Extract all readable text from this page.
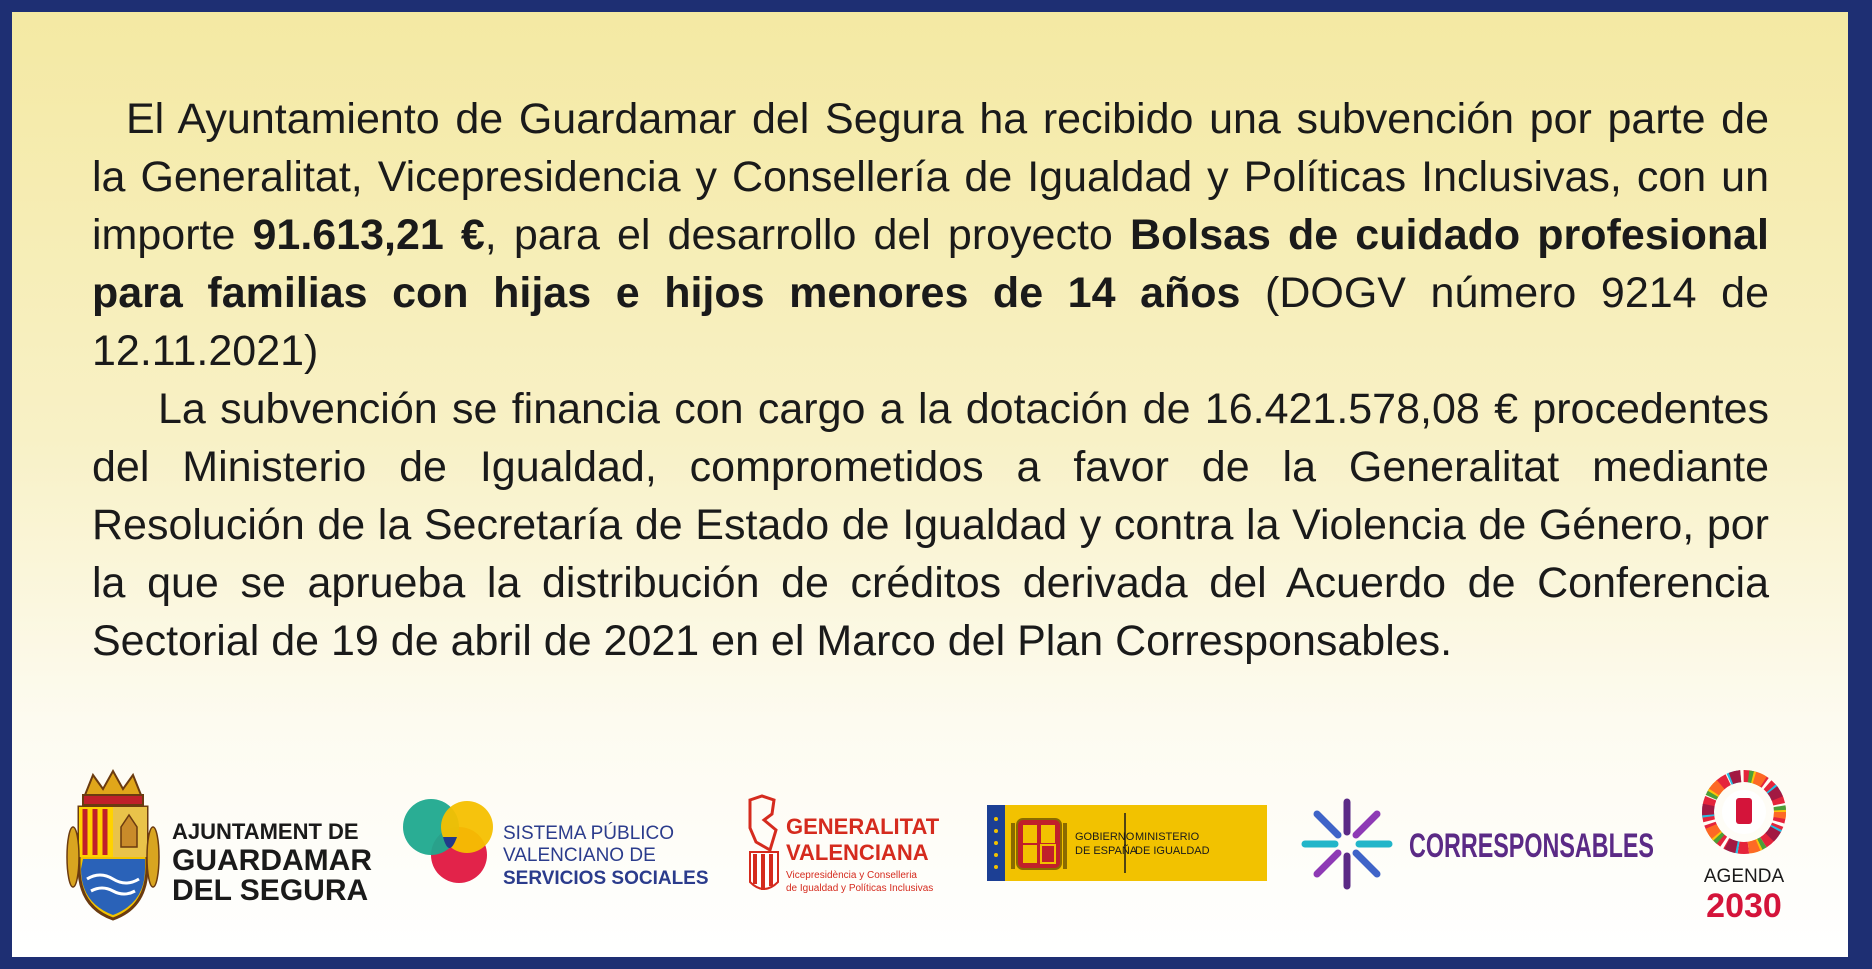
El Ayuntamiento de Guardamar del Segura ha recibido una subvención por parte de la Generalitat, Vicepresidencia y Consellería de Igualdad y Políticas Inclusivas, con un importe 91.613,21 €, para el desarrollo del proyecto Bolsas de cuidado profesional para familias con hijas e hijos menores de 14 años (DOGV número 9214 de 12.11.2021)

La subvención se financia con cargo a la dotación de 16.421.578,08 € procedentes del Ministerio de Igualdad, comprometidos a favor de la Generalitat mediante Resolución de la Secretaría de Estado de Igualdad y contra la Violencia de Género, por la que se aprueba la distribución de créditos derivada del Acuerdo de Conferencia Sectorial de 19 de abril de 2021 en el Marco del Plan Corresponsables.

AJUNTAMENT DE
GUARDAMAR
DEL SEGURA
SISTEMA PÚBLICO
VALENCIANO DE
SERVICIOS SOCIALES
GENERALITAT
VALENCIANA
Vicepresidència y Conselleria
de Igualdad y Políticas Inclusivas
GOBIERNO
DE ESPAÑA
MINISTERIO
DE IGUALDAD	CORRESPONSABLES
AGENDA
2030
